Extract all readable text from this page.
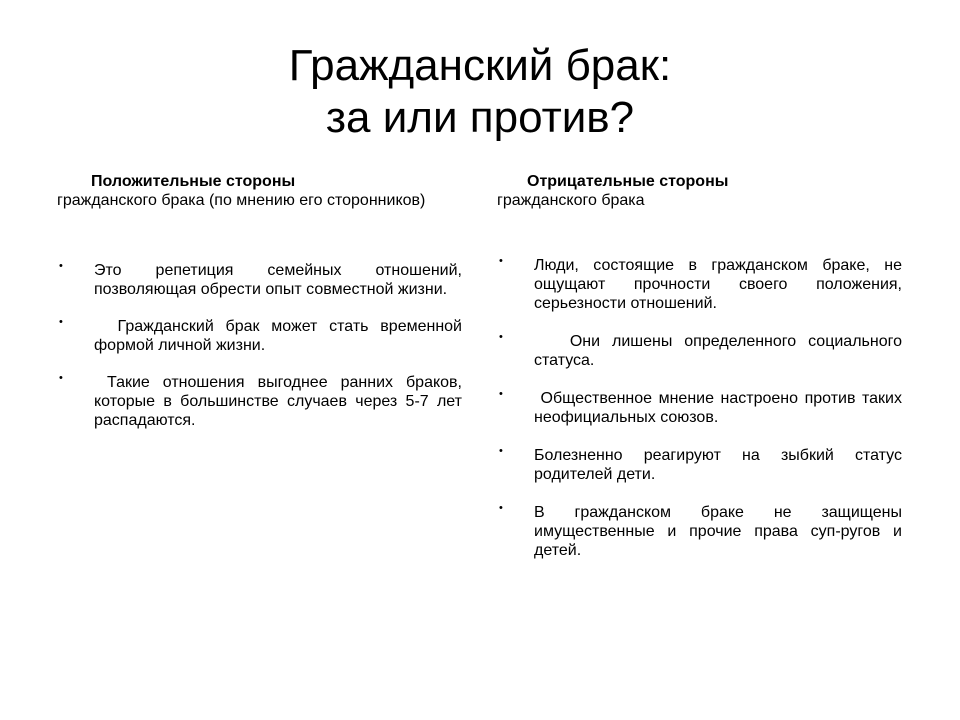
Гражданский брак:
за или против?
Положительные стороны
гражданского брака (по мнению его сторонников)
• Это репетиция семейных отношений, позволяющая обрести опыт совместной жизни.
• Гражданский брак может стать временной формой личной жизни.
• Такие отношения выгоднее ранних браков, которые в большинстве случаев через 5-7 лет распадаются.
Отрицательные стороны
гражданского брака
• Люди, состоящие в гражданском браке, не ощущают прочности своего положения, серьезности отношений.
• Они лишены определенного социального статуса.
• Общественное мнение настроено против таких неофициальных союзов.
• Болезненно реагируют на зыбкий статус родителей дети.
• В гражданском браке не защищены имущественные и прочие права суп-ругов и детей.
